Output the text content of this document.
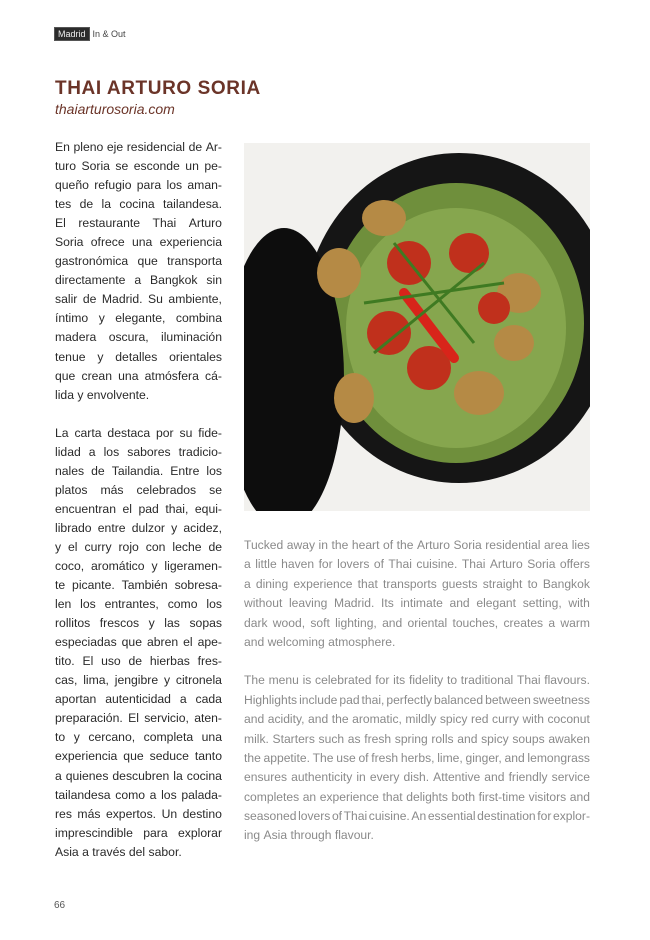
Madrid In & Out
THAI ARTURO SORIA
thaiarturosoria.com
En pleno eje residencial de Ar-
turo Soria se esconde un pe-
queño refugio para los aman-
tes de la cocina tailandesa.
El restaurante Thai Arturo
Soria ofrece una experiencia
gastronómica que transporta
directamente a Bangkok sin
salir de Madrid. Su ambiente,
íntimo y elegante, combina
madera oscura, iluminación
tenue y detalles orientales
que crean una atmósfera cá-
lida y envolvente.
La carta destaca por su fide-
lidad a los sabores tradicio-
nales de Tailandia. Entre los
platos más celebrados se
encuentran el pad thai, equi-
librado entre dulzor y acidez,
y el curry rojo con leche de
coco, aromático y ligeramen-
te picante. También sobresa-
len los entrantes, como los
rollitos frescos y las sopas
especiadas que abren el ape-
tito. El uso de hierbas fres-
cas, lima, jengibre y citronela
aportan autenticidad a cada
preparación. El servicio, aten-
to y cercano, completa una
experiencia que seduce tanto
a quienes descubren la cocina
tailandesa como a los palada-
res más expertos. Un destino
imprescindible para explorar
Asia a través del sabor.
Tucked away in the heart of the Arturo Soria residential area lies
a little haven for lovers of Thai cuisine. Thai Arturo Soria offers
a dining experience that transports guests straight to Bangkok
without leaving Madrid. Its intimate and elegant setting, with
dark wood, soft lighting, and oriental touches, creates a warm
and welcoming atmosphere.
The menu is celebrated for its fidelity to traditional Thai flavours.
Highlights include pad thai, perfectly balanced between sweetness
and acidity, and the aromatic, mildly spicy red curry with coconut
milk. Starters such as fresh spring rolls and spicy soups awaken
the appetite. The use of fresh herbs, lime, ginger, and lemongrass
ensures authenticity in every dish. Attentive and friendly service
completes an experience that delights both first-time visitors and
seasoned lovers of Thai cuisine. An essential destination for explor-
ing Asia through flavour.
66
